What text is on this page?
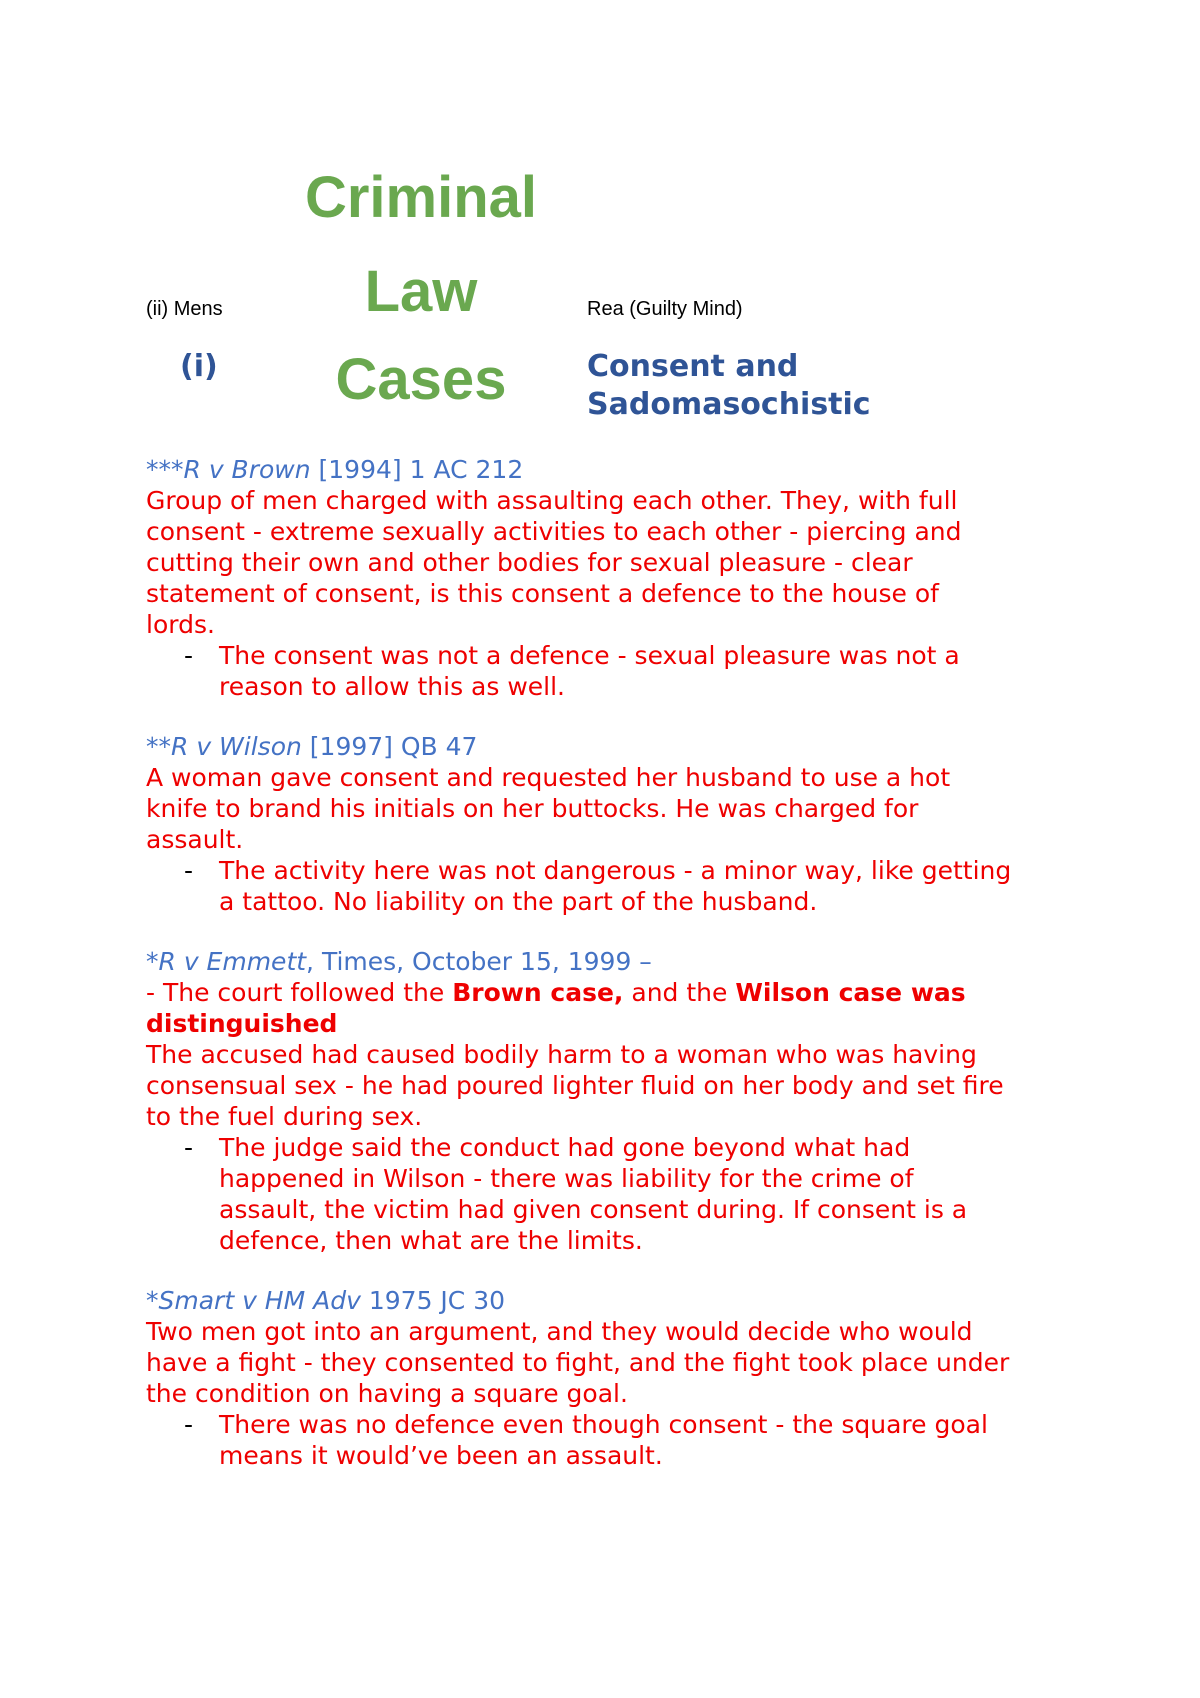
Criminal
Law
Cases
(ii) Mens	Rea (Guilty Mind)
(i)	Consent and
Sadomasochistic
***R v Brown [1994] 1 AC 212
Group of men charged with assaulting each other. They, with full
consent - extreme sexually activities to each other - piercing and
cutting their own and other bodies for sexual pleasure - clear
statement of consent, is this consent a defence to the house of
lords.
- The consent was not a defence - sexual pleasure was not a
reason to allow this as well.
**R v Wilson [1997] QB 47
A woman gave consent and requested her husband to use a hot
knife to brand his initials on her buttocks. He was charged for
assault.
- The activity here was not dangerous - a minor way, like getting
a tattoo. No liability on the part of the husband.
*R v Emmett, Times, October 15, 1999 –
- The court followed the Brown case, and the Wilson case was
distinguished
The accused had caused bodily harm to a woman who was having
consensual sex - he had poured lighter fluid on her body and set fire
to the fuel during sex.
- The judge said the conduct had gone beyond what had
happened in Wilson - there was liability for the crime of
assault, the victim had given consent during. If consent is a
defence, then what are the limits.
*Smart v HM Adv 1975 JC 30
Two men got into an argument, and they would decide who would
have a fight - they consented to fight, and the fight took place under
the condition on having a square goal.
- There was no defence even though consent - the square goal
means it would’ve been an assault.
